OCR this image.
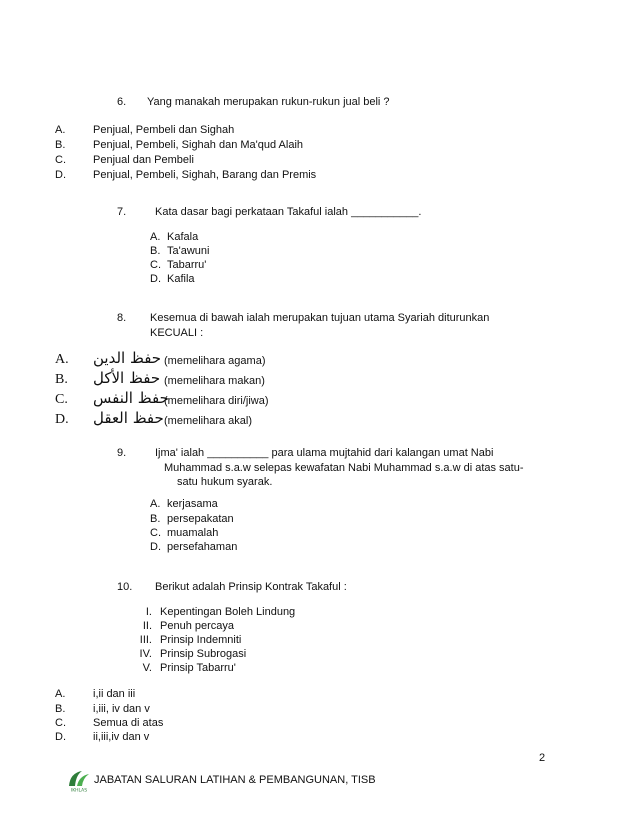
6. Yang manakah merupakan rukun-rukun jual beli ?
A.	Penjual, Pembeli dan Sighah
B.	Penjual, Pembeli, Sighah dan Ma'qud Alaih
C. Penjual dan Pembeli
D. Penjual, Pembeli, Sighah, Barang dan Premis
7.	Kata dasar bagi perkataan Takaful ialah ___________.
A. Kafala
B. Ta'awuni
C. Tabarru'
D. Kafila
8. Kesemua di bawah ialah merupakan tujuan utama Syariah diturunkan
KECUALI :
A. حفظ الدين (memelihara agama)
B. حفظ الأكل (memelihara makan)
C. حفظ النفس
(memelihara diri/jiwa)
D. حفظ العقل (memelihara akal)
9.	Ijma' ialah __________ para ulama mujtahid dari kalangan umat Nabi
Muhammad s.a.w selepas kewafatan Nabi Muhammad s.a.w di atas satu-
satu hukum syarak.
A. kerjasama
B. persepakatan
C. muamalah
D. persefahaman
10. Berikut adalah Prinsip Kontrak Takaful :
I. Kepentingan Boleh Lindung
II. Penuh percaya
III. Prinsip Indemniti
IV. Prinsip Subrogasi
V. Prinsip Tabarru'
A.	i,ii dan iii
B.	i,iii, iv dan v
C. Semua di atas
D. ii,iii,iv dan v
2
IKHLAS
JABATAN SALURAN LATIHAN & PEMBANGUNAN, TISB
